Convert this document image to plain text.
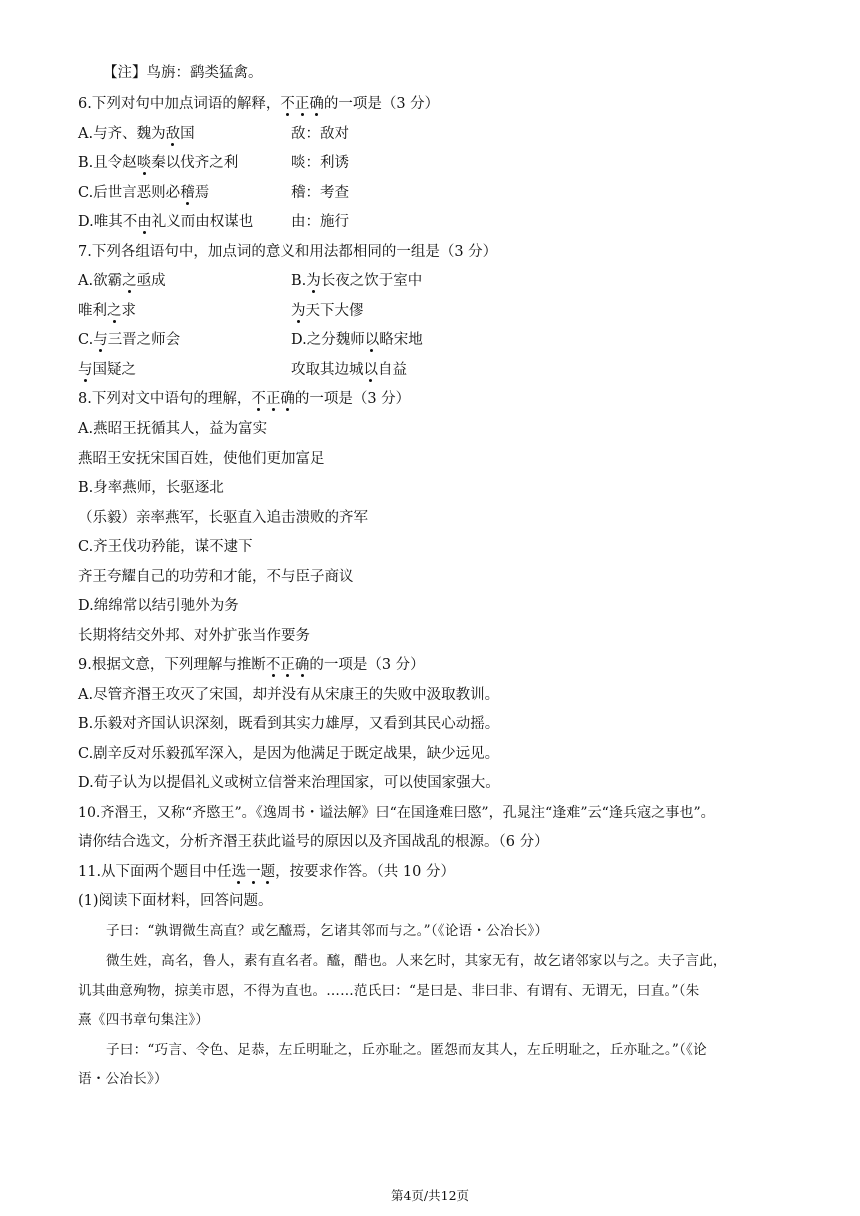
【注】鸟旃：鹞类猛禽。
6.下列对句中加点词语的解释，不正确的一项是（3 分）
A.与齐、魏为敌国	敌：敌对
B.且令赵啖秦以伐齐之利	啖：利诱
C.后世言恶则必稽焉	稽：考查
D.唯其不由礼义而由权谋也	由：施行
7.下列各组语句中，加点词的意义和用法都相同的一组是（3 分）
A.欲霸之亟成	B.为长夜之饮于室中
唯利之求	为天下大僇
C.与三晋之师会	D.之分魏师以略宋地
与国疑之	攻取其边城以自益
8.下列对文中语句的理解，不正确的一项是（3 分）
A.燕昭王抚循其人，益为富实
燕昭王安抚宋国百姓，使他们更加富足
B.身率燕师，长驱逐北
（乐毅）亲率燕军，长驱直入追击溃败的齐军
C.齐王伐功矜能，谋不逮下
齐王夸耀自己的功劳和才能，不与臣子商议
D.绵绵常以结引驰外为务
长期将结交外邦、对外扩张当作要务
9.根据文意，下列理解与推断不正确的一项是（3 分）
A.尽管齐湣王攻灭了宋国，却并没有从宋康王的失败中汲取教训。
B.乐毅对齐国认识深刻，既看到其实力雄厚，又看到其民心动摇。
C.剧辛反对乐毅孤军深入，是因为他满足于既定战果，缺少远见。
D.荀子认为以提倡礼义或树立信誉来治理国家，可以使国家强大。
10.齐湣王，又称“齐愍王”。《逸周书・谥法解》曰“在国逢难曰愍”，孔晁注“逢难”云“逢兵寇之事也”。
请你结合选文，分析齐湣王获此谥号的原因以及齐国战乱的根源。（6 分）
11.从下面两个题目中任选一题，按要求作答。（共 10 分）
(1)阅读下面材料，回答问题。
子曰：“孰谓微生高直？或乞醯焉，乞诸其邻而与之。”（《论语・公冶长》）
微生姓，高名，鲁人，素有直名者。醯，醋也。人来乞时，其家无有，故乞诸邻家以与之。夫子言此，
讥其曲意殉物，掠美市恩，不得为直也。……范氏曰：“是曰是、非曰非、有谓有、无谓无，曰直。”（朱
熹《四书章句集注》）
子曰：“巧言、令色、足恭，左丘明耻之，丘亦耻之。匿怨而友其人，左丘明耻之，丘亦耻之。”（《论
语・公冶长》）
第4页/共12页
